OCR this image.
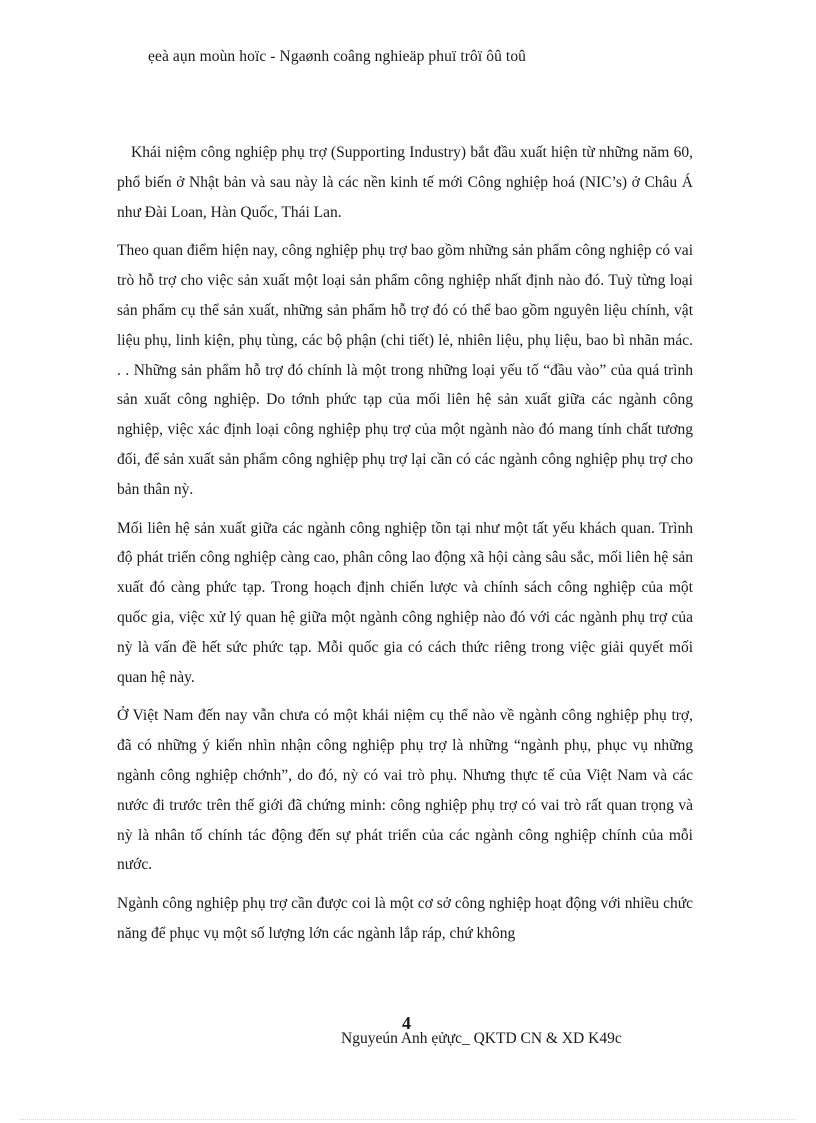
ẹeà aụn moùn hoïc - Ngaønh coâng nghieäp phuï trôï ôû toû

Khái niệm công nghiệp phụ trợ (Supporting Industry) bắt đầu xuất hiện từ những năm 60, phổ biến ở Nhật bản và sau này là các nền kinh tế mới Công nghiệp hoá (NIC’s) ở Châu Á như Đài Loan, Hàn Quốc, Thái Lan.

Theo quan điểm hiện nay, công nghiệp phụ trợ bao gồm những sản phẩm công nghiệp có vai trò hỗ trợ cho việc sản xuất một loại sản phẩm công nghiệp nhất định nào đó. Tuỳ từng loại sản phẩm cụ thể sản xuất, những sản phẩm hỗ trợ đó có thể bao gồm nguyên liệu chính, vật liệu phụ, linh kiện, phụ tùng, các bộ phận (chi tiết) lẻ, nhiên liệu, phụ liệu, bao bì nhãn mác. . . Những sản phẩm hỗ trợ đó chính là một trong những loại yếu tố “đầu vào” của quá trình sản xuất công nghiệp. Do tớnh phức tạp của mối liên hệ sản xuất giữa các ngành công nghiệp, việc xác định loại công nghiệp phụ trợ của một ngành nào đó mang tính chất tương đối, để sản xuất sản phẩm công nghiệp phụ trợ lại cần có các ngành công nghiệp phụ trợ cho bản thân nỳ.

Mối liên hệ sản xuất giữa các ngành công nghiệp tồn tại như một tất yếu khách quan. Trình độ phát triển công nghiệp càng cao, phân công lao động xã hội càng sâu sắc, mối liên hệ sản xuất đó càng phức tạp. Trong hoạch định chiến lược và chính sách công nghiệp của một quốc gia, việc xử lý quan hệ giữa một ngành công nghiệp nào đó với các ngành phụ trợ của nỳ là vấn đề hết sức phức tạp. Mỗi quốc gia có cách thức riêng trong việc giải quyết mối quan hệ này.

Ở Việt Nam đến nay vẫn chưa có một khái niệm cụ thể nào về ngành công nghiệp phụ trợ, đã có những ý kiến nhìn nhận công nghiệp phụ trợ là những “ngành phụ, phục vụ những ngành công nghiệp chớnh”, do đó, nỳ có vai trò phụ. Nhưng thực tế của Việt Nam và các nước đi trước trên thế giới đã chứng minh: công nghiệp phụ trợ có vai trò rất quan trọng và nỳ là nhân tố chính tác động đến sự phát triển của các ngành công nghiệp chính của mỗi nước.

Ngành công nghiệp phụ trợ cần được coi là một cơ sở công nghiệp hoạt động với nhiều chức năng để phục vụ một số lượng lớn các ngành lắp ráp, chứ không

4
Nguyeún Anh ẹửực_ QKTD CN & XD K49c
